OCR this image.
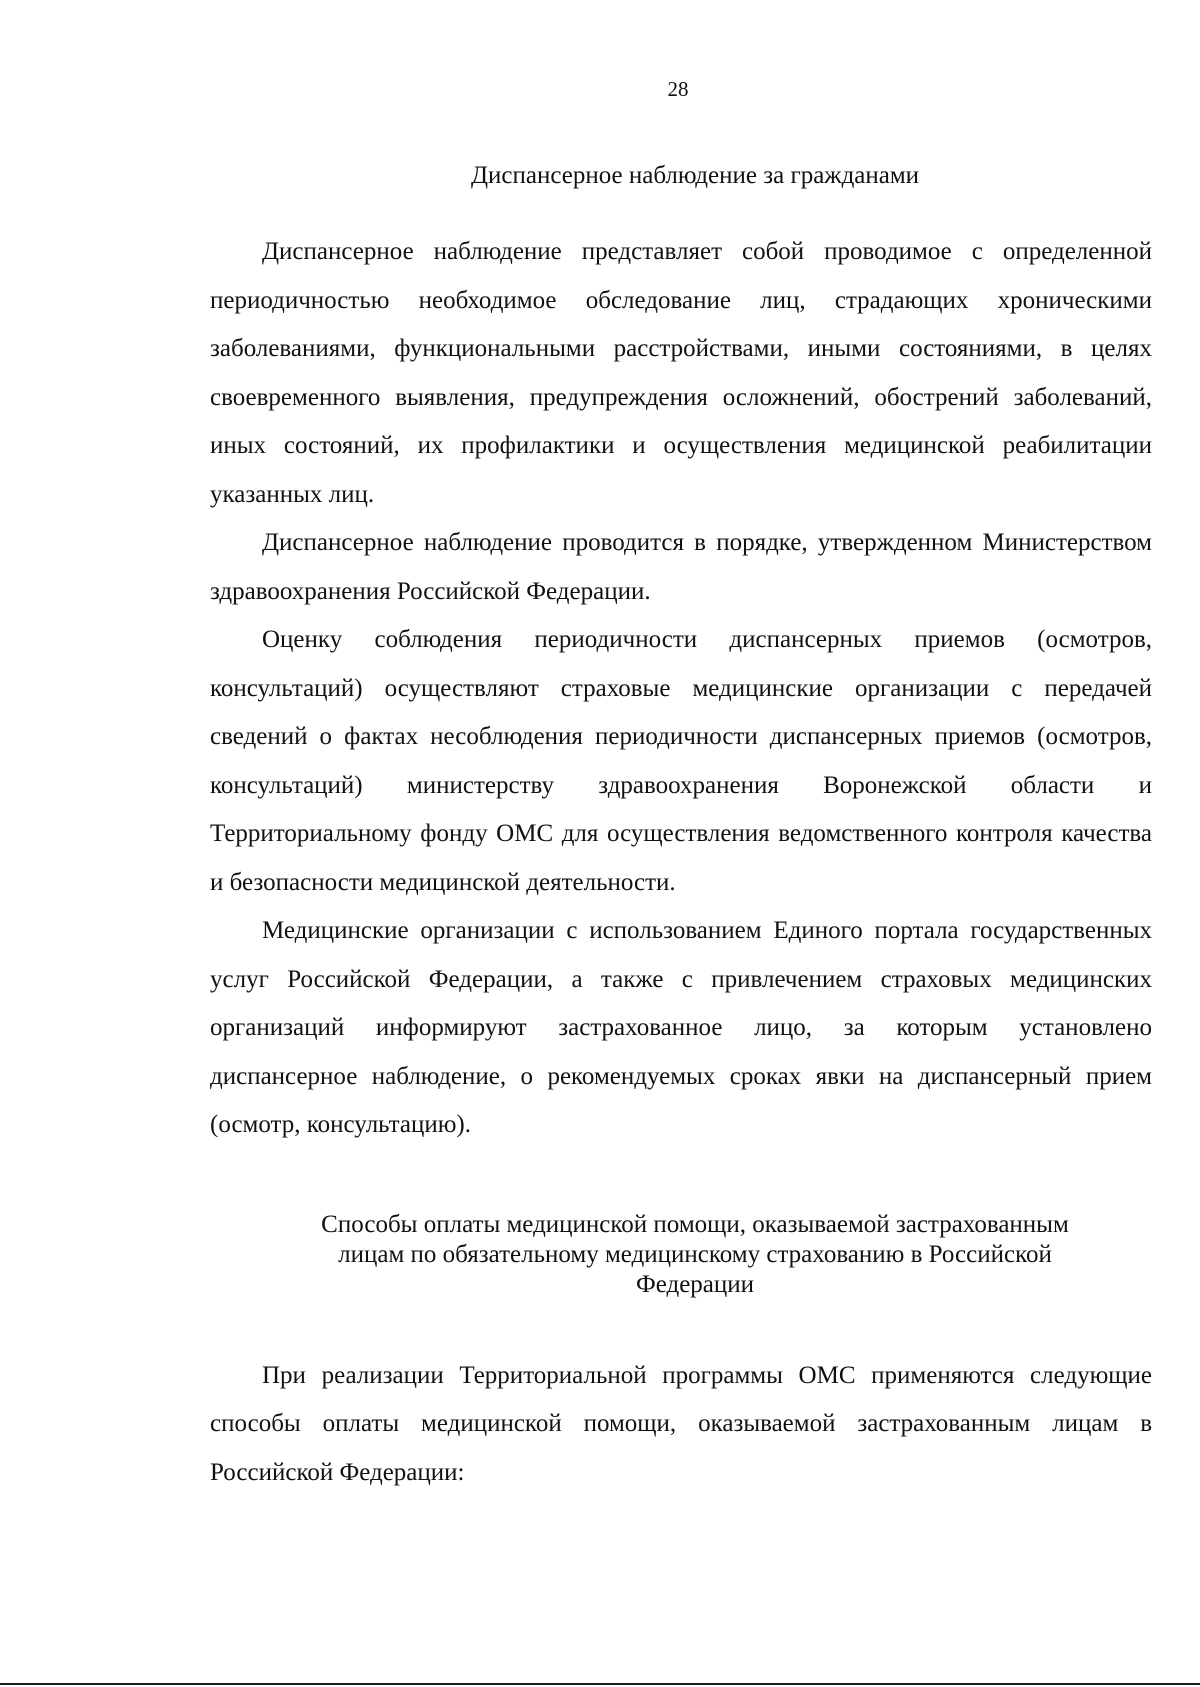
28
Диспансерное наблюдение за гражданами

Диспансерное наблюдение представляет собой проводимое с определенной периодичностью необходимое обследование лиц, страдающих хроническими заболеваниями, функциональными расстройствами, иными состояниями, в целях своевременного выявления, предупреждения осложнений, обострений заболеваний, иных состояний, их профилактики и осуществления медицинской реабилитации указанных лиц.

Диспансерное наблюдение проводится в порядке, утвержденном Министерством здравоохранения Российской Федерации.

Оценку соблюдения периодичности диспансерных приемов (осмотров, консультаций) осуществляют страховые медицинские организации с передачей сведений о фактах несоблюдения периодичности диспансерных приемов (осмотров, консультаций) министерству здравоохранения Воронежской области и Территориальному фонду ОМС для осуществления ведомственного контроля качества и безопасности медицинской деятельности.

Медицинские организации с использованием Единого портала государственных услуг Российской Федерации, а также с привлечением страховых медицинских организаций информируют застрахованное лицо, за которым установлено диспансерное наблюдение, о рекомендуемых сроках явки на диспансерный прием (осмотр, консультацию).

Способы оплаты медицинской помощи, оказываемой застрахованным
лицам по обязательному медицинскому страхованию в Российской
Федерации

При реализации Территориальной программы ОМС применяются следующие способы оплаты медицинской помощи, оказываемой застрахованным лицам в Российской Федерации:
